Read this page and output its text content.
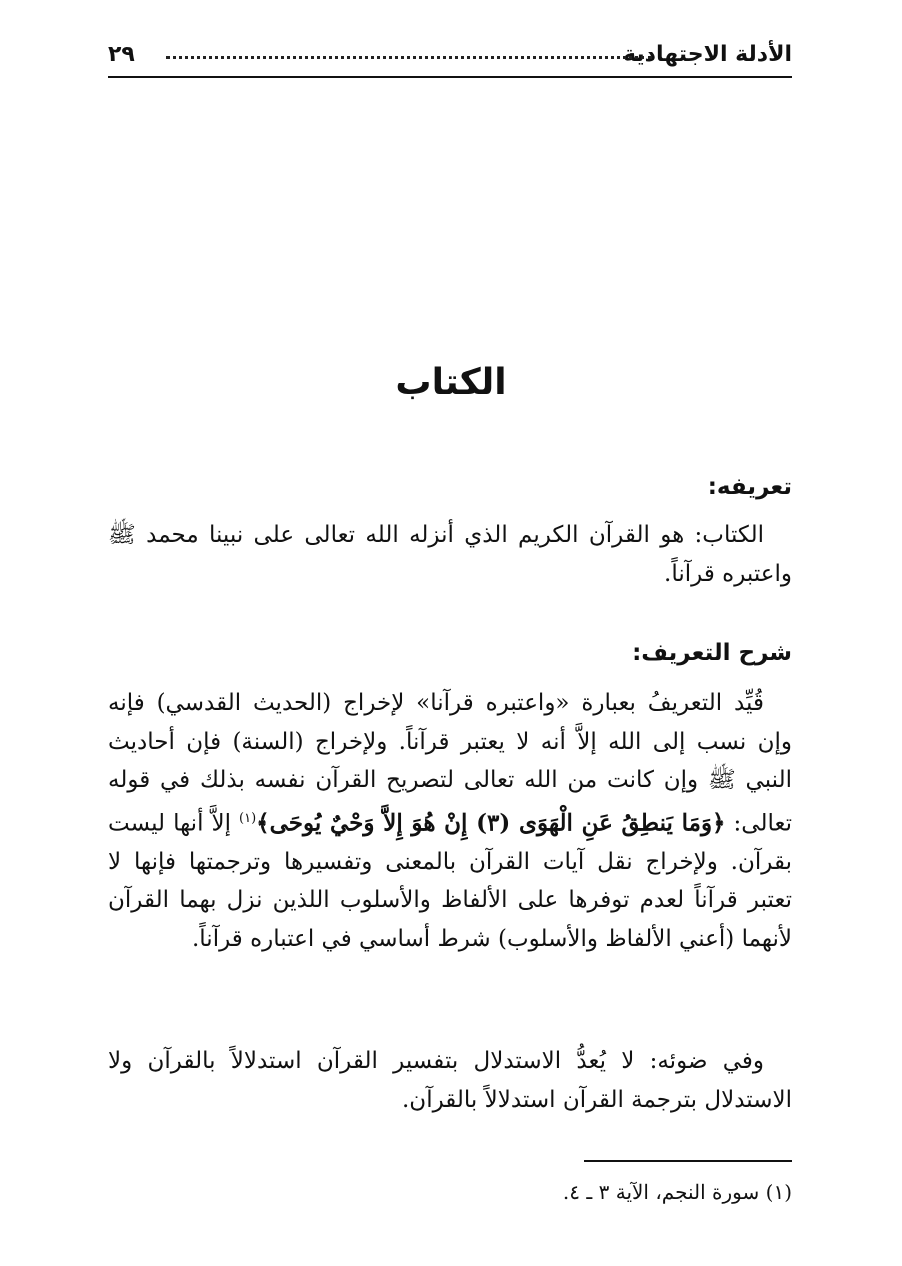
الأدلة الاجتهادية
٢٩
الكتاب
تعريفه:
الكتاب: هو القرآن الكريم الذي أنزله الله تعالى على نبينا محمد ﷺ واعتبره قرآناً.
شرح التعريف:
قُيِّد التعريفُ بعبارة «واعتبره قرآنا» لإخراج (الحديث القدسي) فإنه وإن نسب إلى الله إلاَّ أنه لا يعتبر قرآناً. ولإخراج (السنة) فإن أحاديث النبي ﷺ وإن كانت من الله تعالى لتصريح القرآن نفسه بذلك في قوله تعالى: ﴿وَمَا يَنطِقُ عَنِ الْهَوَى (٣) إِنْ هُوَ إِلاَّ وَحْيٌ يُوحَى﴾$^{(١)}$ إلاَّ أنها ليست بقرآن. ولإخراج نقل آيات القرآن بالمعنى وتفسيرها وترجمتها فإنها لا تعتبر قرآناً لعدم توفرها على الألفاظ والأسلوب اللذين نزل بهما القرآن لأنهما (أعني الألفاظ والأسلوب) شرط أساسي في اعتباره قرآناً.
وفي ضوئه: لا يُعدُّ الاستدلال بتفسير القرآن استدلالاً بالقرآن ولا الاستدلال بترجمة القرآن استدلالاً بالقرآن.
(١) سورة النجم، الآية ٣ ـ ٤.
